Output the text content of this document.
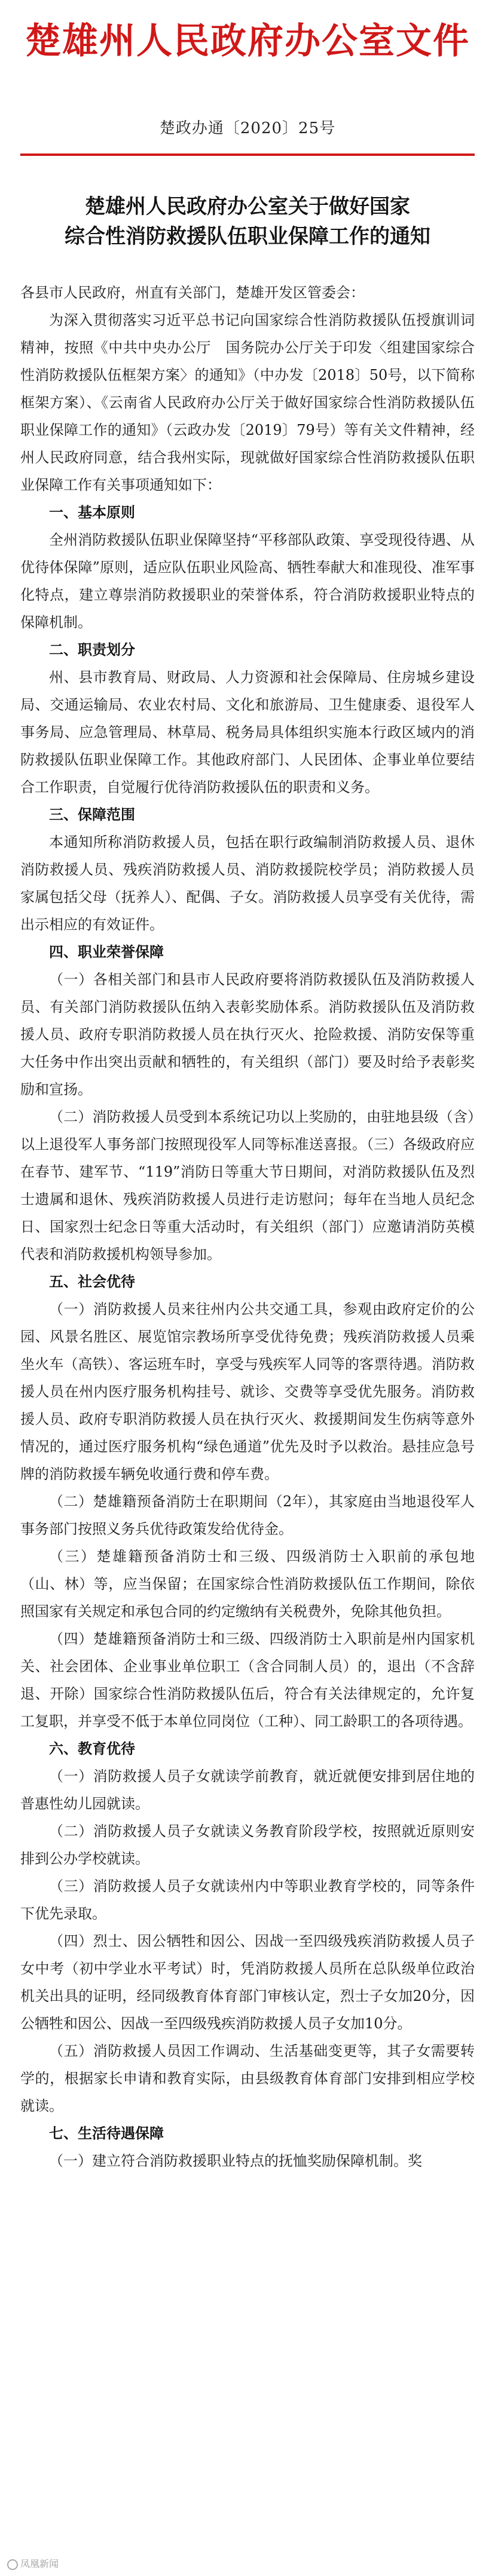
楚雄州人民政府办公室文件
楚政办通〔2020〕25号
楚雄州人民政府办公室关于做好国家
综合性消防救援队伍职业保障工作的通知

各县市人民政府，州直有关部门，楚雄开发区管委会：

为深入贯彻落实习近平总书记向国家综合性消防救援队伍授旗训词精神，按照《中共中央办公厅　国务院办公厅关于印发〈组建国家综合性消防救援队伍框架方案〉的通知》（中办发〔2018〕50号，以下简称框架方案）、《云南省人民政府办公厅关于做好国家综合性消防救援队伍职业保障工作的通知》（云政办发〔2019〕79号）等有关文件精神，经州人民政府同意，结合我州实际，现就做好国家综合性消防救援队伍职业保障工作有关事项通知如下：

一、基本原则

全州消防救援队伍职业保障坚持“平移部队政策、享受现役待遇、从优待体保障”原则，适应队伍职业风险高、牺牲奉献大和准现役、准军事化特点，建立尊崇消防救援职业的荣誉体系，符合消防救援职业特点的保障机制。

二、职责划分

州、县市教育局、财政局、人力资源和社会保障局、住房城乡建设局、交通运输局、农业农村局、文化和旅游局、卫生健康委、退役军人事务局、应急管理局、林草局、税务局具体组织实施本行政区域内的消防救援队伍职业保障工作。其他政府部门、人民团体、企事业单位要结合工作职责，自觉履行优待消防救援队伍的职责和义务。

三、保障范围

本通知所称消防救援人员，包括在职行政编制消防救援人员、退休消防救援人员、残疾消防救援人员、消防救援院校学员；消防救援人员家属包括父母（抚养人）、配偶、子女。消防救援人员享受有关优待，需出示相应的有效证件。

四、职业荣誉保障

（一）各相关部门和县市人民政府要将消防救援队伍及消防救援人员、有关部门消防救援队伍纳入表彰奖励体系。消防救援队伍及消防救援人员、政府专职消防救援人员在执行灭火、抢险救援、消防安保等重大任务中作出突出贡献和牺牲的，有关组织（部门）要及时给予表彰奖励和宣扬。

（二）消防救援人员受到本系统记功以上奖励的，由驻地县级（含）以上退役军人事务部门按照现役军人同等标准送喜报。（三）各级政府应在春节、建军节、“119”消防日等重大节日期间，对消防救援队伍及烈士遗属和退休、残疾消防救援人员进行走访慰问；每年在当地人员纪念日、国家烈士纪念日等重大活动时，有关组织（部门）应邀请消防英模代表和消防救援机构领导参加。

五、社会优待

（一）消防救援人员来往州内公共交通工具，参观由政府定价的公园、风景名胜区、展览馆宗教场所享受优待免费；残疾消防救援人员乘坐火车（高铁）、客运班车时，享受与残疾军人同等的客票待遇。消防救援人员在州内医疗服务机构挂号、就诊、交费等享受优先服务。消防救援人员、政府专职消防救援人员在执行灭火、救援期间发生伤病等意外情况的，通过医疗服务机构“绿色通道”优先及时予以救治。悬挂应急号牌的消防救援车辆免收通行费和停车费。

（二）楚雄籍预备消防士在职期间（2年），其家庭由当地退役军人事务部门按照义务兵优待政策发给优待金。

（三）楚雄籍预备消防士和三级、四级消防士入职前的承包地（山、林）等，应当保留；在国家综合性消防救援队伍工作期间，除依照国家有关规定和承包合同的约定缴纳有关税费外，免除其他负担。

（四）楚雄籍预备消防士和三级、四级消防士入职前是州内国家机关、社会团体、企业事业单位职工（含合同制人员）的，退出（不含辞退、开除）国家综合性消防救援队伍后，符合有关法律规定的，允许复工复职，并享受不低于本单位同岗位（工种）、同工龄职工的各项待遇。

六、教育优待

（一）消防救援人员子女就读学前教育，就近就便安排到居住地的普惠性幼儿园就读。

（二）消防救援人员子女就读义务教育阶段学校，按照就近原则安排到公办学校就读。

（三）消防救援人员子女就读州内中等职业教育学校的，同等条件下优先录取。

（四）烈士、因公牺牲和因公、因战一至四级残疾消防救援人员子女中考（初中学业水平考试）时，凭消防救援人员所在总队级单位政治机关出具的证明，经同级教育体育部门审核认定，烈士子女加20分，因公牺牲和因公、因战一至四级残疾消防救援人员子女加10分。

（五）消防救援人员因工作调动、生活基础变更等，其子女需要转学的，根据家长申请和教育实际，由县级教育体育部门安排到相应学校就读。

七、生活待遇保障

（一）建立符合消防救援职业特点的抚恤奖励保障机制。奖

凤凰新闻
